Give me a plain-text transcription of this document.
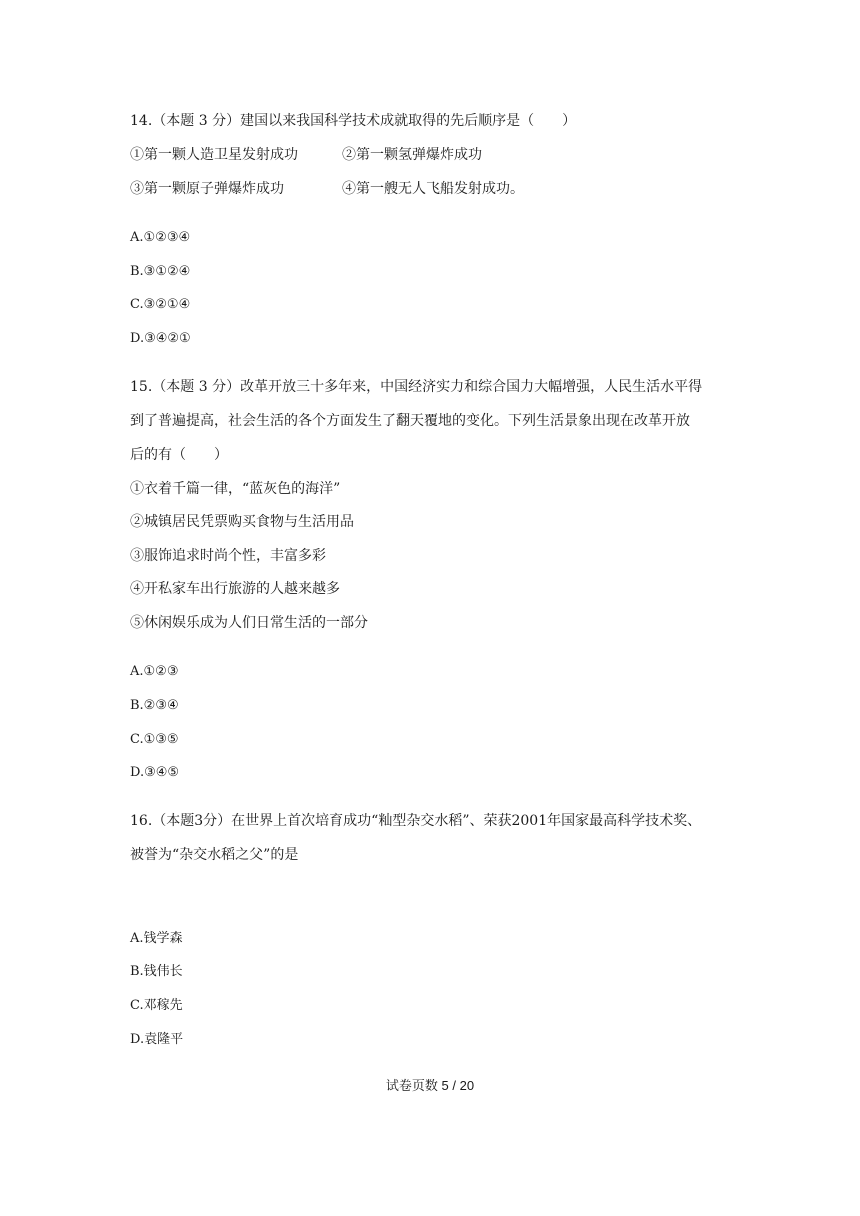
14.（本题 3 分）建国以来我国科学技术成就取得的先后顺序是（　　）
①第一颗人造卫星发射成功	②第一颗氢弹爆炸成功
③第一颗原子弹爆炸成功	④第一艘无人飞船发射成功。
A.①②③④
B.③①②④
C.③②①④
D.③④②①
15.（本题 3 分）改革开放三十多年来，中国经济实力和综合国力大幅增强，人民生活水平得
到了普遍提高，社会生活的各个方面发生了翻天覆地的变化。下列生活景象出现在改革开放
后的有（　　）
①衣着千篇一律，“蓝灰色的海洋”
②城镇居民凭票购买食物与生活用品
③服饰追求时尚个性，丰富多彩
④开私家车出行旅游的人越来越多
⑤休闲娱乐成为人们日常生活的一部分
A.①②③
B.②③④
C.①③⑤
D.③④⑤
16.（本题3分）在世界上首次培育成功“籼型杂交水稻”、荣获2001年国家最高科学技术奖、
被誉为“杂交水稻之父”的是
A.钱学森
B.钱伟长
C.邓稼先
D.袁隆平
试卷页数 5 / 20
